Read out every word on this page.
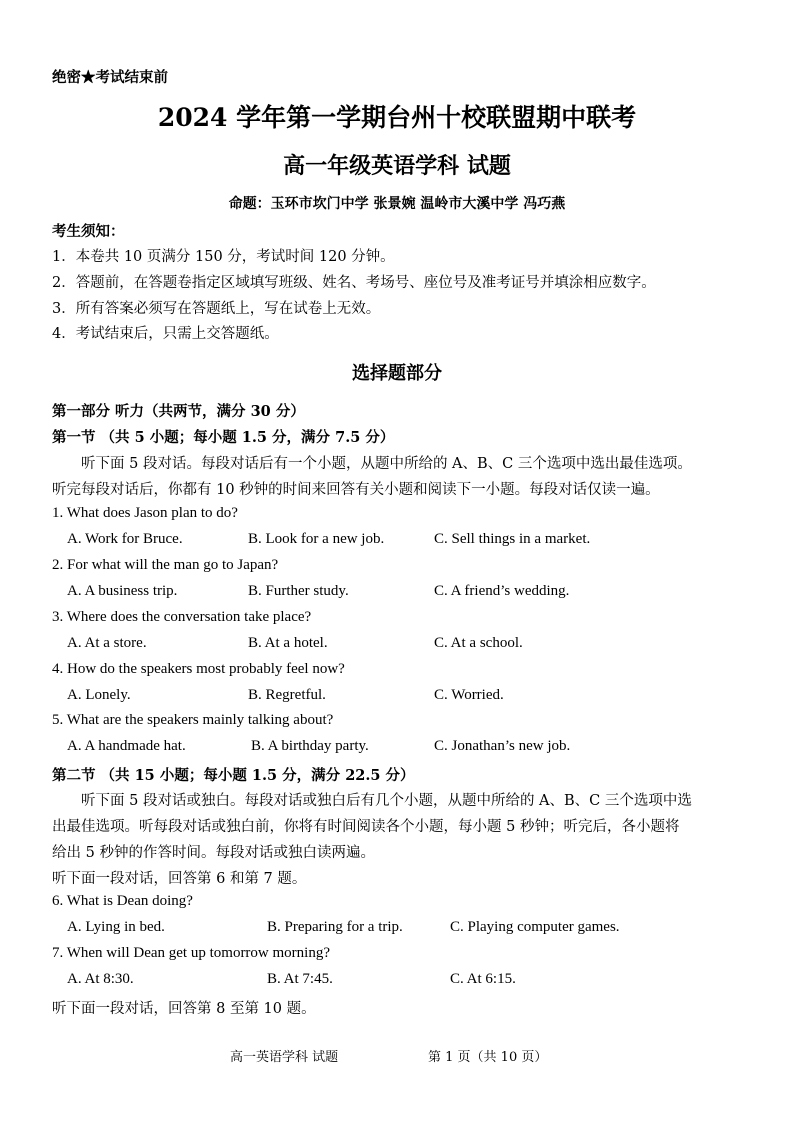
绝密★考试结束前
2024 学年第一学期台州十校联盟期中联考
高一年级英语学科 试题
命题：玉环市坎门中学 张景婉 温岭市大溪中学 冯巧燕
考生须知：
1．本卷共 10 页满分 150 分，考试时间 120 分钟。
2．答题前，在答题卷指定区域填写班级、姓名、考场号、座位号及准考证号并填涂相应数字。
3．所有答案必须写在答题纸上，写在试卷上无效。
4．考试结束后，只需上交答题纸。
选择题部分
第一部分 听力（共两节，满分 30 分）
第一节 （共 5 小题；每小题 1.5 分，满分 7.5 分）

听下面 5 段对话。每段对话后有一个小题，从题中所给的 A、B、C 三个选项中选出最佳选项。

听完每段对话后，你都有 10 秒钟的时间来回答有关小题和阅读下一小题。每段对话仅读一遍。

1. What does Jason plan to do?
A. Work for Bruce.	B. Look for a new job.	C. Sell things in a market.
2. For what will the man go to Japan?
A. A business trip.	B. Further study.	C. A friend’s wedding.
3. Where does the conversation take place?
A. At a store.	B. At a hotel.	C. At a school.
4. How do the speakers most probably feel now?
A. Lonely.	B. Regretful.	C. Worried.
5. What are the speakers mainly talking about?
A. A handmade hat.	B. A birthday party.	C. Jonathan’s new job.
第二节 （共 15 小题；每小题 1.5 分，满分 22.5 分）

听下面 5 段对话或独白。每段对话或独白后有几个小题，从题中所给的 A、B、C 三个选项中选

出最佳选项。听每段对话或独白前，你将有时间阅读各个小题，每小题 5 秒钟；听完后，各小题将

给出 5 秒钟的作答时间。每段对话或独白读两遍。

听下面一段对话，回答第 6 和第 7 题。
6. What is Dean doing?
A. Lying in bed.	B. Preparing for a trip.	C. Playing computer games.
7. When will Dean get up tomorrow morning?
A. At 8:30.	B. At 7:45.	C. At 6:15.
听下面一段对话，回答第 8 至第 10 题。
高一英语学科 试题	第 1 页（共 10 页）
